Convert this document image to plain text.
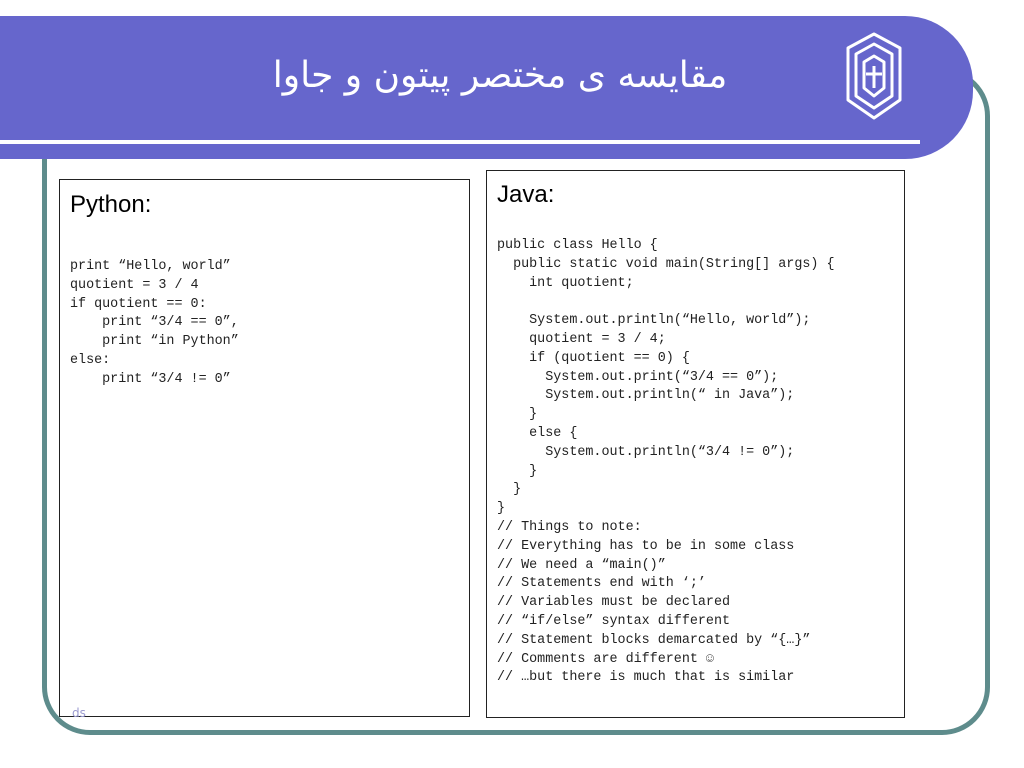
مقایسه ی مختصر پیتون و جاوا
Python:
print “Hello, world”
quotient = 3 / 4
if quotient == 0:
print “3/4 == 0”,
print “in Python”
else:
print “3/4 != 0”
Java:
public class Hello {
public static void main(String[] args) {
int quotient;

System.out.println(“Hello, world”);
quotient = 3 / 4;
if (quotient == 0) {
System.out.print(“3/4 == 0”);
System.out.println(“ in Java”);
}
else {
System.out.println(“3/4 != 0”);
}
}
}
// Things to note:
// Everything has to be in some class
// We need a “main()”
// Statements end with ‘;’
// Variables must be declared
// “if/else” syntax different
// Statement blocks demarcated by “{…}”
// Comments are different ☺
// …but there is much that is similar
ds
